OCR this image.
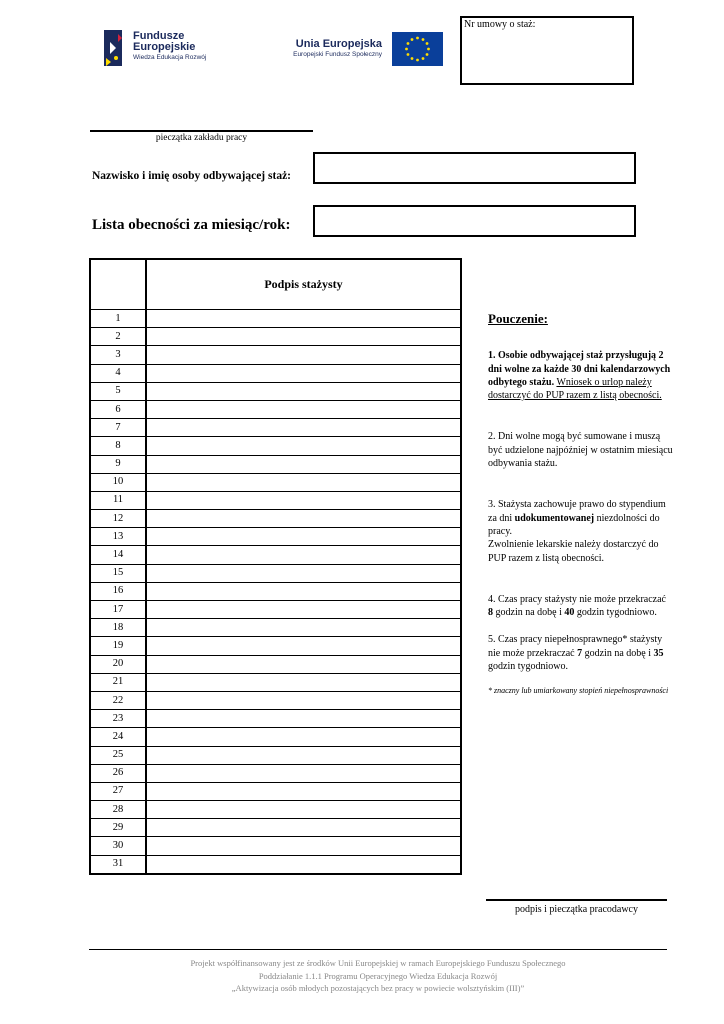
Fundusze
Europejskie
Wiedza Edukacja Rozwój
Unia Europejska
Europejski Fundusz Społeczny
Nr umowy o staż:
pieczątka zakładu pracy
Nazwisko i imię osoby odbywającej staż:
Lista obecności za miesiąc/rok:
	Podpis stażysty
1	
2	
3	
4	
5	
6	
7	
8	
9	
10	
11	
12	
13	
14	
15	
16	
17	
18	
19	
20	
21	
22	
23	
24	
25	
26	
27	
28	
29	
30	
31	
Pouczenie:

1. Osobie odbywającej staż przysługują 2 dni wolne za każde 30 dni kalendarzowych odbytego stażu. Wniosek o urlop należy dostarczyć do PUP razem z listą obecności.

2. Dni wolne mogą być sumowane i muszą być udzielone najpóźniej w ostatnim miesiącu odbywania stażu.

3. Stażysta zachowuje prawo do stypendium za dni udokumentowanej niezdolności do pracy.
Zwolnienie lekarskie należy dostarczyć do PUP razem z listą obecności.

4. Czas pracy stażysty nie może przekraczać 8 godzin na dobę i 40 godzin tygodniowo.

5. Czas pracy niepełnosprawnego* stażysty nie może przekraczać 7 godzin na dobę i 35 godzin tygodniowo.

* znaczny lub umiarkowany stopień niepełnosprawności

podpis i pieczątka pracodawcy
Projekt współfinansowany jest ze środków Unii Europejskiej w ramach Europejskiego Funduszu Społecznego
Poddziałanie 1.1.1 Programu Operacyjnego Wiedza Edukacja Rozwój
„Aktywizacja osób młodych pozostających bez pracy w powiecie wolsztyńskim (III)”
